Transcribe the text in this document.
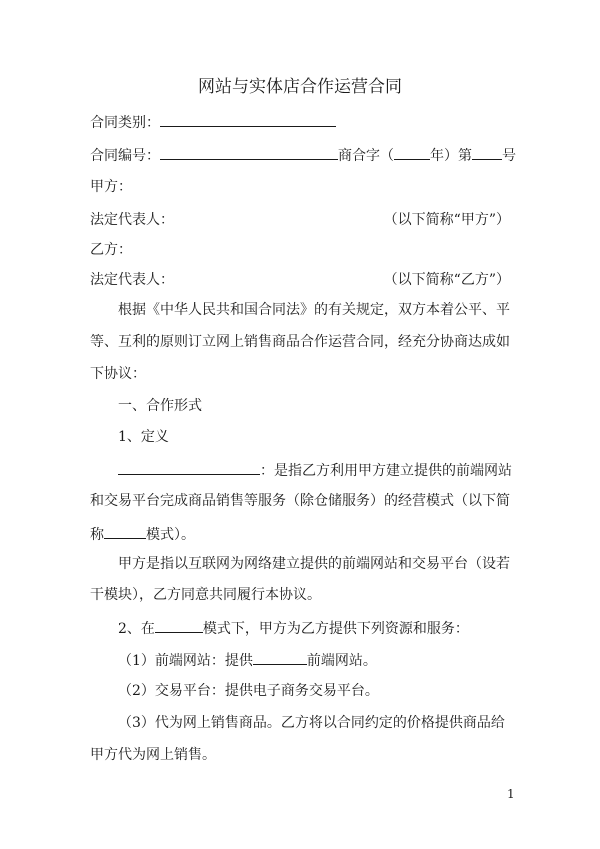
网站与实体店合作运营合同
合同类别：
合同编号：	商合字（	年）第 号
甲方：
法定代表人：	（以下简称“甲方”）
乙方：
法定代表人：	（以下简称“乙方”）
根据《中华人民共和国合同法》的有关规定，双方本着公平、平
等、互利的原则订立网上销售商品合作运营合同，经充分协商达成如
下协议：
一、合作形式
1、定义
：是指乙方利用甲方建立提供的前端网站
和交易平台完成商品销售等服务（除仓储服务）的经营模式（以下简
称	模式）。
甲方是指以互联网为网络建立提供的前端网站和交易平台（设若
干模块），乙方同意共同履行本协议。
2、在	模式下，甲方为乙方提供下列资源和服务：
（1）前端网站：提供	前端网站。
（2）交易平台：提供电子商务交易平台。
（3）代为网上销售商品。乙方将以合同约定的价格提供商品给
甲方代为网上销售。
1
